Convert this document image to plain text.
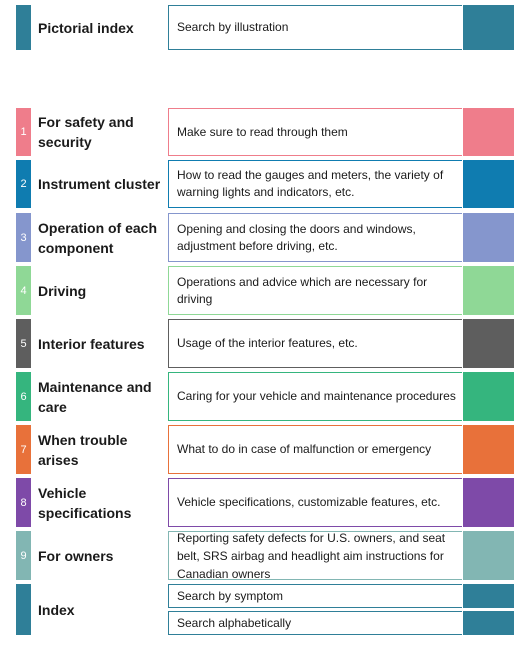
Pictorial index	Search by illustration
1
For safety and security
Make sure to read through them
2 Instrument cluster
How to read the gauges and meters, the variety of warning lights and indicators, etc.
3
Operation of each component
Opening and closing the doors and windows, adjustment before driving, etc.
4 Driving
Operations and advice which are necessary for driving
5 Interior features	Usage of the interior features, etc.
6
Maintenance and care
Caring for your vehicle and maintenance procedures
7
When trouble arises
What to do in case of malfunction or emergency
8
Vehicle specifications
Vehicle specifications, customizable features, etc.
9 For owners
Reporting safety defects for U.S. owners, and seat belt, SRS airbag and headlight aim instructions for Canadian owners
Index
Search by symptom
Search alphabetically
